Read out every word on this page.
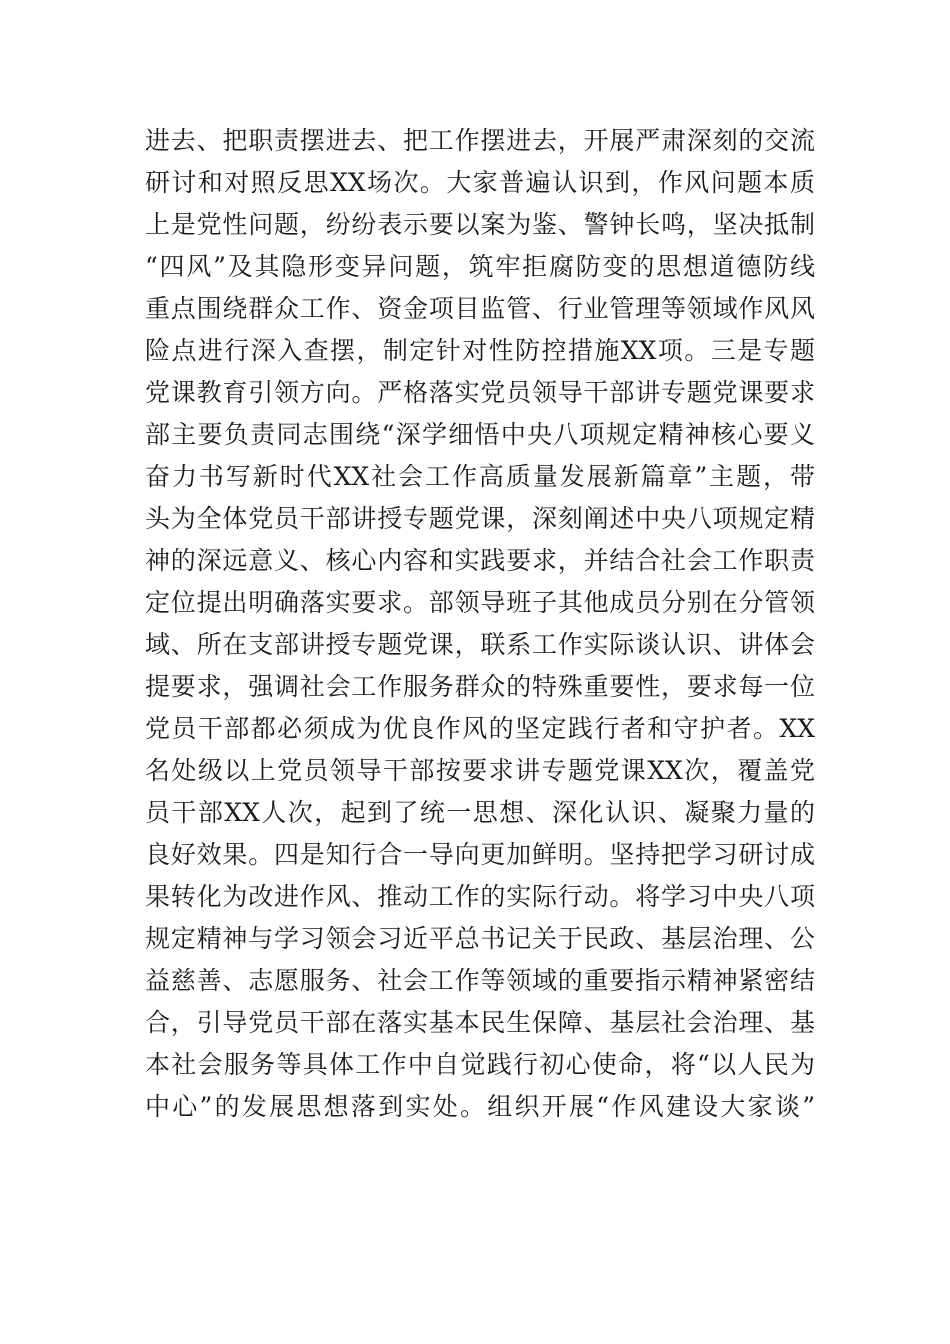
进去、把职责摆进去、把工作摆进去，开展严肃深刻的交流
研讨和对照反思XX场次。大家普遍认识到，作风问题本质
上是党性问题，纷纷表示要以案为鉴、警钟长鸣，坚决抵制
“四风”及其隐形变异问题，筑牢拒腐防变的思想道德防线
重点围绕群众工作、资金项目监管、行业管理等领域作风风
险点进行深入查摆，制定针对性防控措施XX项。三是专题
党课教育引领方向。严格落实党员领导干部讲专题党课要求
部主要负责同志围绕“深学细悟中央八项规定精神核心要义
奋力书写新时代XX社会工作高质量发展新篇章”主题，带
头为全体党员干部讲授专题党课，深刻阐述中央八项规定精
神的深远意义、核心内容和实践要求，并结合社会工作职责
定位提出明确落实要求。部领导班子其他成员分别在分管领
域、所在支部讲授专题党课，联系工作实际谈认识、讲体会
提要求，强调社会工作服务群众的特殊重要性，要求每一位
党员干部都必须成为优良作风的坚定践行者和守护者。XX
名处级以上党员领导干部按要求讲专题党课XX次，覆盖党
员干部XX人次，起到了统一思想、深化认识、凝聚力量的
良好效果。四是知行合一导向更加鲜明。坚持把学习研讨成
果转化为改进作风、推动工作的实际行动。将学习中央八项
规定精神与学习领会习近平总书记关于民政、基层治理、公
益慈善、志愿服务、社会工作等领域的重要指示精神紧密结
合，引导党员干部在落实基本民生保障、基层社会治理、基
本社会服务等具体工作中自觉践行初心使命，将“以人民为
中心”的发展思想落到实处。组织开展“作风建设大家谈”
